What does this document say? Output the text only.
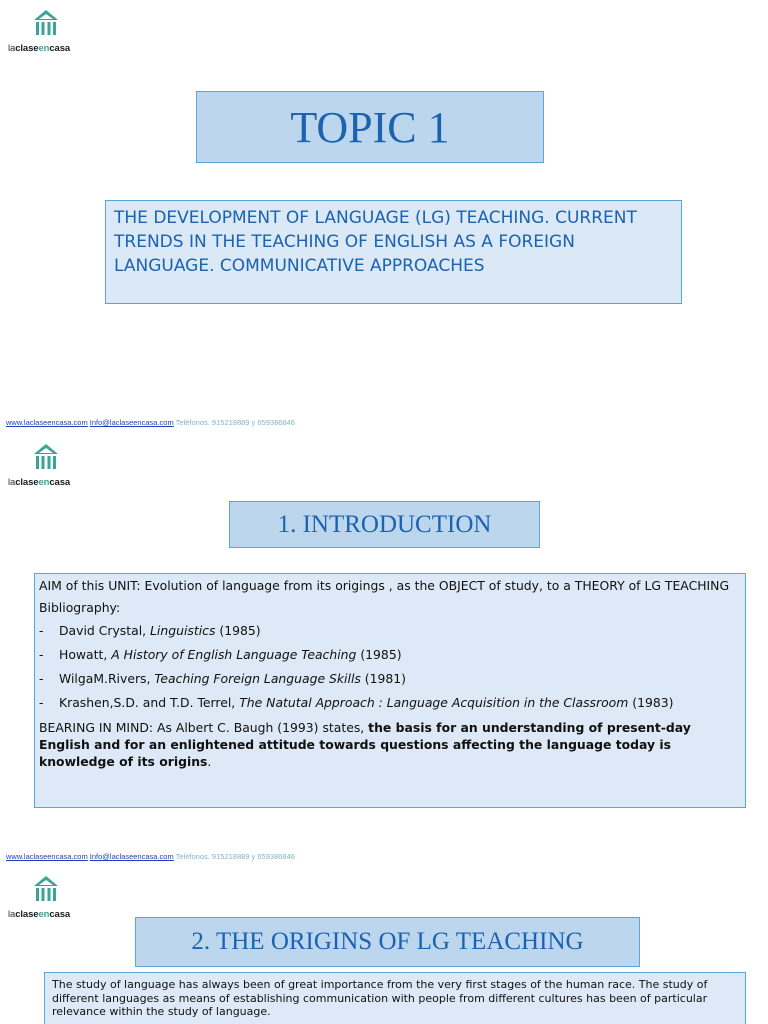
laclaseencasa
TOPIC 1
THE DEVELOPMENT OF LANGUAGE (LG) TEACHING. CURRENT TRENDS IN THE TEACHING OF ENGLISH AS A FOREIGN LANGUAGE. COMMUNICATIVE APPROACHES
www.laclaseencasa.com Info@laclaseencasa.com Teléfonos. 915218889 y 659386846
laclaseencasa
1. INTRODUCTION

AIM of this UNIT: Evolution of language from its origings , as the OBJECT of study, to a THEORY of LG TEACHING

Bibliography:

-	David Crystal, Linguistics (1985)
-	Howatt, A History of English Language Teaching (1985)
-	WilgaM.Rivers, Teaching Foreign Language Skills (1981)
-	Krashen,S.D. and T.D. Terrel, The Natutal Approach : Language Acquisition in the Classroom (1983)

BEARING IN MIND: As Albert C. Baugh (1993) states, the basis for an understanding of present-day English and for an enlightened attitude towards questions affecting the language today is knowledge of its origins.

www.laclaseencasa.com Info@laclaseencasa.com Teléfonos. 915218889 y 659386846
laclaseencasa
2. THE ORIGINS OF LG TEACHING
The study of language has always been of great importance from the very first stages of the human race. The study of different languages as means of establishing communication with people from different cultures has been of particular relevance within the study of language.
